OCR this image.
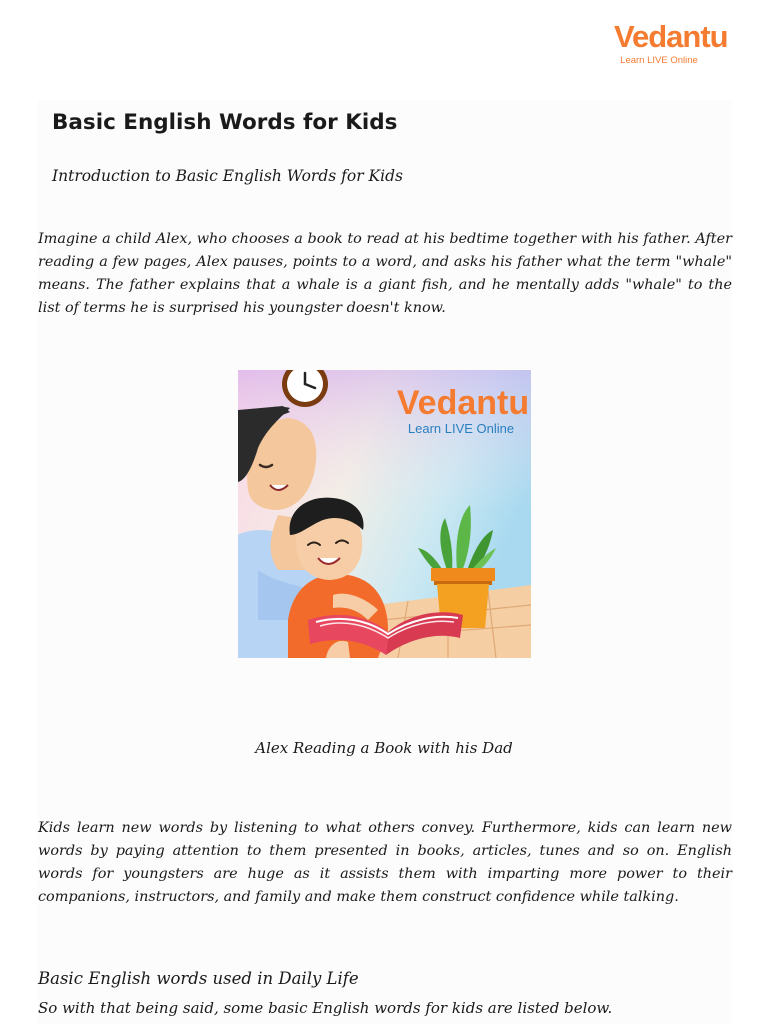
Vedantu
Learn LIVE Online
Basic English Words for Kids

Introduction to Basic English Words for Kids

Imagine a child Alex, who chooses a book to read at his bedtime together with his father. After reading a few pages, Alex pauses, points to a word, and asks his father what the term "whale" means. The father explains that a whale is a giant fish, and he mentally adds "whale" to the list of terms he is surprised his youngster doesn't know.

Vedantu
Learn LIVE Online

Alex Reading a Book with his Dad

Kids learn new words by listening to what others convey. Furthermore, kids can learn new words by paying attention to them presented in books, articles, tunes and so on. English words for youngsters are huge as it assists them with imparting more power to their companions, instructors, and family and make them construct confidence while talking.

Basic English words used in Daily Life

So with that being said, some basic English words for kids are listed below.
